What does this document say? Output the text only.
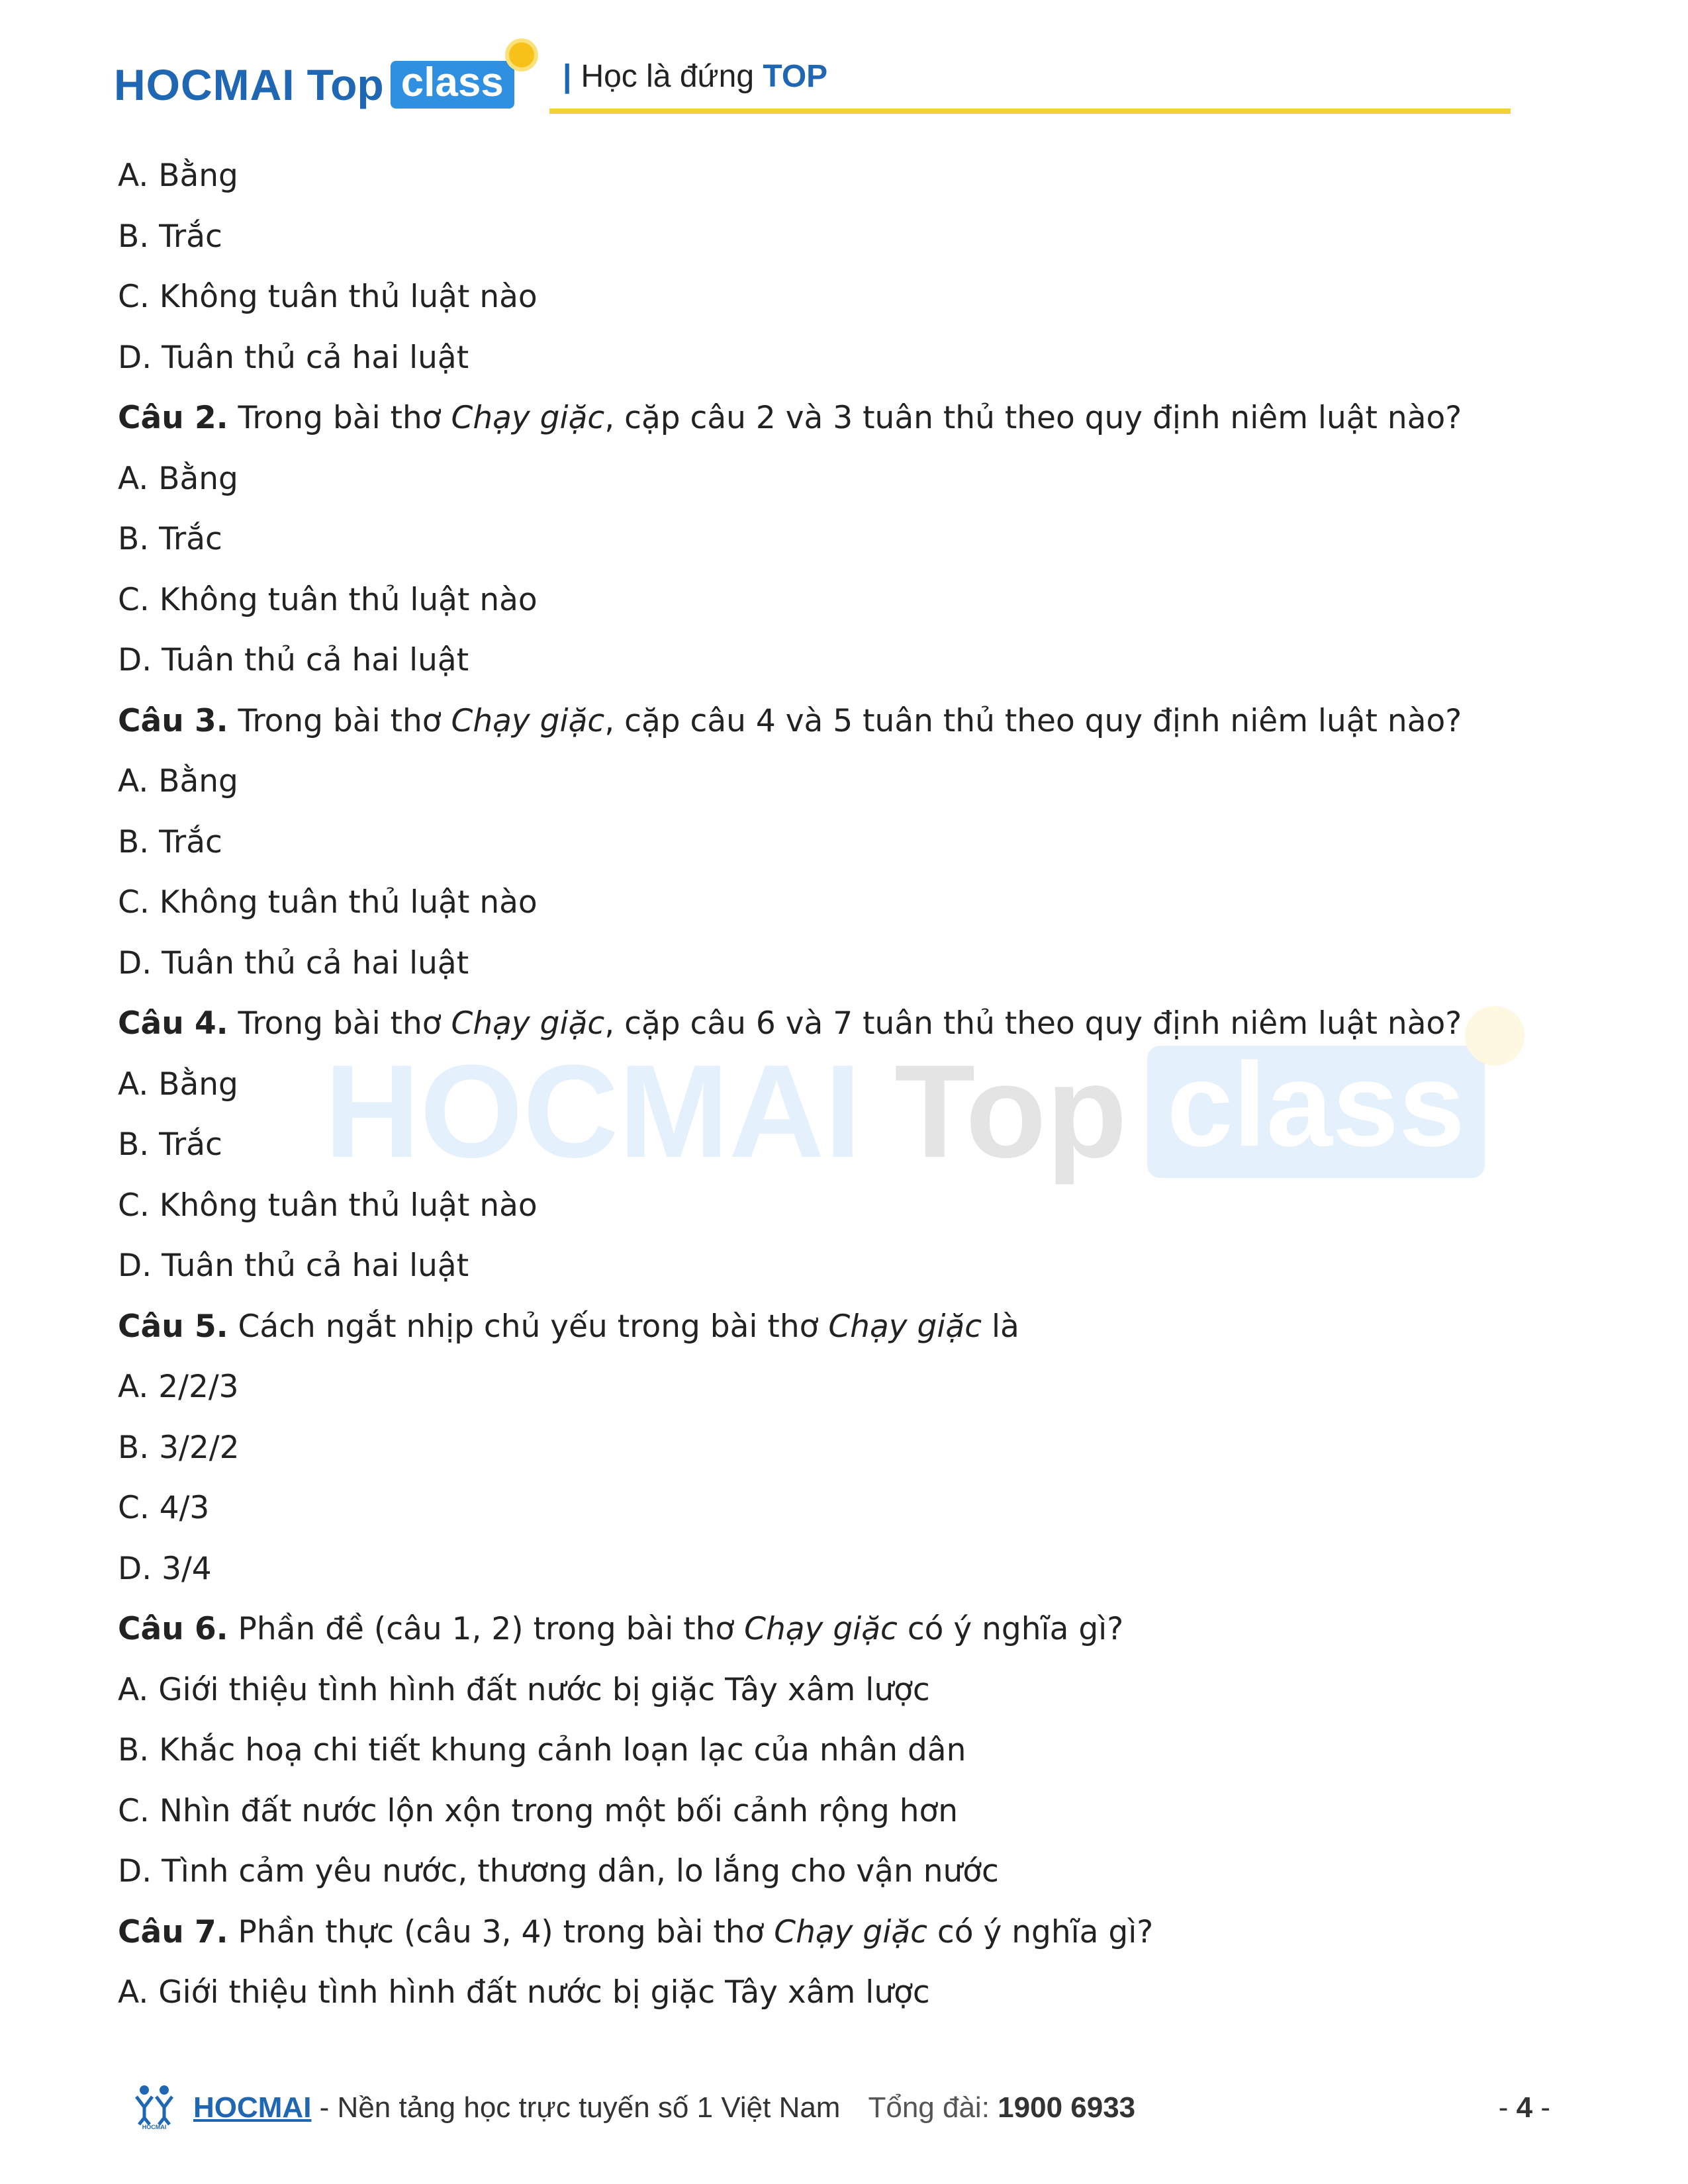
HOCMAI Top class	| Học là đứng TOP
HOCMAI Top class
A. Bằng
B. Trắc
C. Không tuân thủ luật nào
D. Tuân thủ cả hai luật
Câu 2. Trong bài thơ Chạy giặc, cặp câu 2 và 3 tuân thủ theo quy định niêm luật nào?
A. Bằng
B. Trắc
C. Không tuân thủ luật nào
D. Tuân thủ cả hai luật
Câu 3. Trong bài thơ Chạy giặc, cặp câu 4 và 5 tuân thủ theo quy định niêm luật nào?
A. Bằng
B. Trắc
C. Không tuân thủ luật nào
D. Tuân thủ cả hai luật
Câu 4. Trong bài thơ Chạy giặc, cặp câu 6 và 7 tuân thủ theo quy định niêm luật nào?
A. Bằng
B. Trắc
C. Không tuân thủ luật nào
D. Tuân thủ cả hai luật
Câu 5. Cách ngắt nhịp chủ yếu trong bài thơ Chạy giặc là
A. 2/2/3
B. 3/2/2
C. 4/3
D. 3/4
Câu 6. Phần đề (câu 1, 2) trong bài thơ Chạy giặc có ý nghĩa gì?
A. Giới thiệu tình hình đất nước bị giặc Tây xâm lược
B. Khắc hoạ chi tiết khung cảnh loạn lạc của nhân dân
C. Nhìn đất nước lộn xộn trong một bối cảnh rộng hơn
D. Tình cảm yêu nước, thương dân, lo lắng cho vận nước
Câu 7. Phần thực (câu 3, 4) trong bài thơ Chạy giặc có ý nghĩa gì?
A. Giới thiệu tình hình đất nước bị giặc Tây xâm lược
HOCMAI
HOCMAI - Nền tảng học trực tuyến số 1 Việt Nam Tổng đài: 1900 6933	- 4 -
